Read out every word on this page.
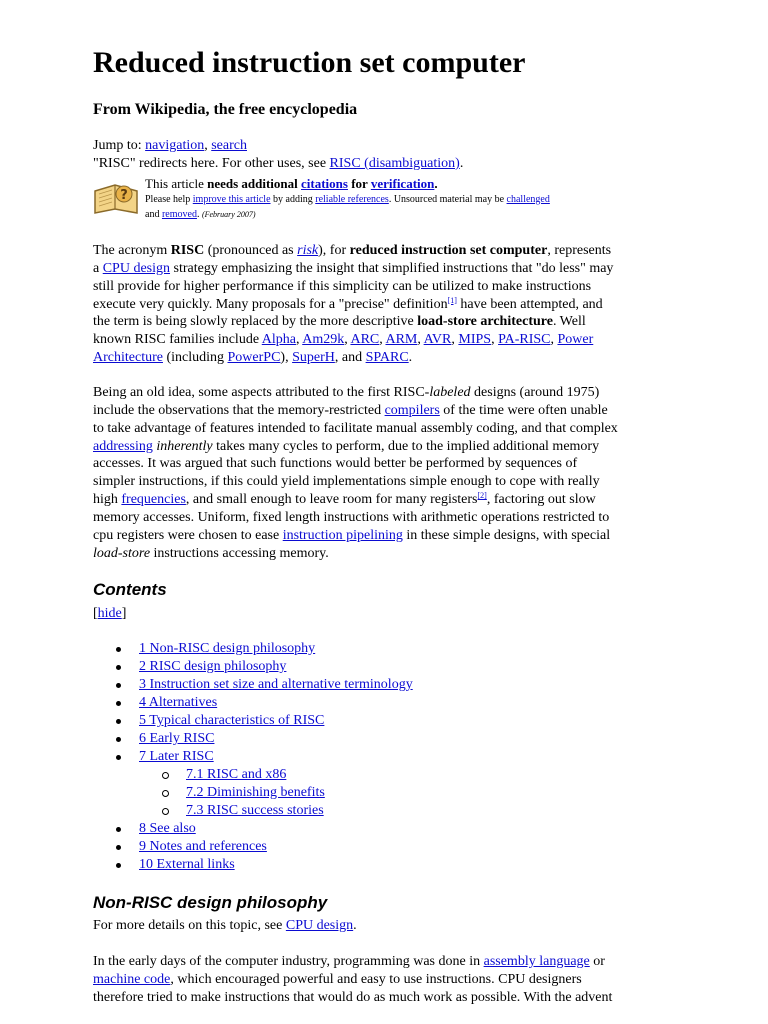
Reduced instruction set computer
From Wikipedia, the free encyclopedia
Jump to: navigation, search
"RISC" redirects here. For other uses, see RISC (disambiguation).
?
This article needs additional citations for verification.
Please help improve this article by adding reliable references. Unsourced material may be challenged
and removed. (February 2007)
The acronym RISC (pronounced as risk), for reduced instruction set computer, represents
a CPU design strategy emphasizing the insight that simplified instructions that "do less" may
still provide for higher performance if this simplicity can be utilized to make instructions
execute very quickly. Many proposals for a "precise" definition[1] have been attempted, and
the term is being slowly replaced by the more descriptive load-store architecture. Well
known RISC families include Alpha, Am29k, ARC, ARM, AVR, MIPS, PA-RISC, Power
Architecture (including PowerPC), SuperH, and SPARC.
Being an old idea, some aspects attributed to the first RISC-labeled designs (around 1975)
include the observations that the memory-restricted compilers of the time were often unable
to take advantage of features intended to facilitate manual assembly coding, and that complex
addressing inherently takes many cycles to perform, due to the implied additional memory
accesses. It was argued that such functions would better be performed by sequences of
simpler instructions, if this could yield implementations simple enough to cope with really
high frequencies, and small enough to leave room for many registers[2], factoring out slow
memory accesses. Uniform, fixed length instructions with arithmetic operations restricted to
cpu registers were chosen to ease instruction pipelining in these simple designs, with special
load-store instructions accessing memory.
Contents
[hide]
1 Non-RISC design philosophy
2 RISC design philosophy
3 Instruction set size and alternative terminology
4 Alternatives
5 Typical characteristics of RISC
6 Early RISC
7 Later RISC
7.1 RISC and x86
7.2 Diminishing benefits
7.3 RISC success stories
8 See also
9 Notes and references
10 External links
Non-RISC design philosophy
For more details on this topic, see CPU design.
In the early days of the computer industry, programming was done in assembly language or
machine code, which encouraged powerful and easy to use instructions. CPU designers
therefore tried to make instructions that would do as much work as possible. With the advent
